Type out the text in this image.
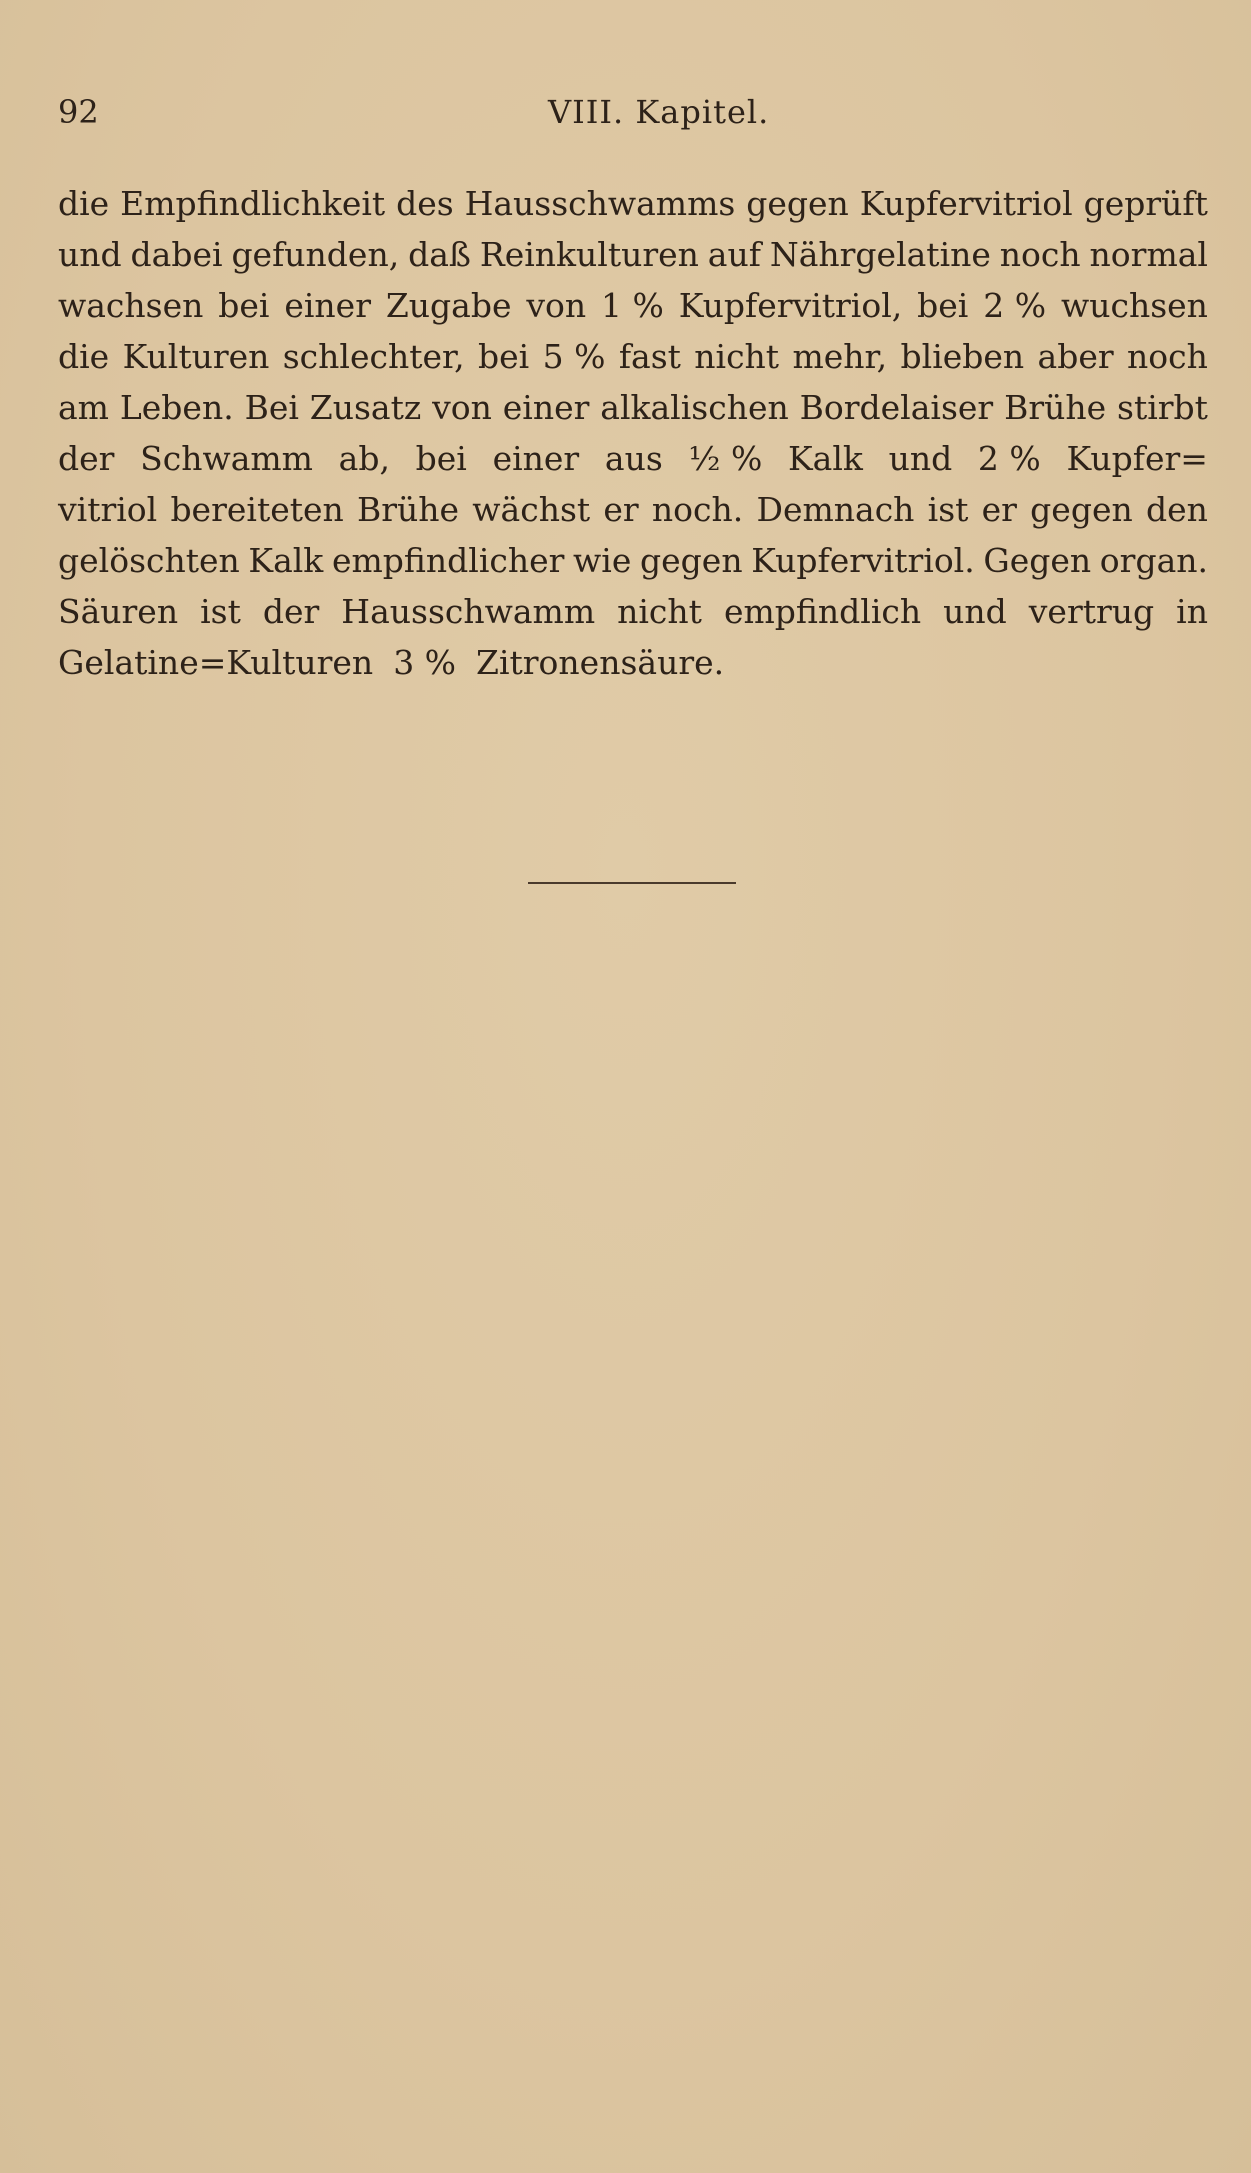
92	VIII. Kapitel.
die Empfindlichkeit des Hausschwamms gegen Kupfervitriol geprüft
und dabei gefunden, daß Reinkulturen auf Nährgelatine noch normal
wachsen bei einer Zugabe von 1 % Kupfervitriol, bei 2 % wuchsen
die Kulturen schlechter, bei 5 % fast nicht mehr, blieben aber noch
am Leben. Bei Zusatz von einer alkalischen Bordelaiser Brühe stirbt
der Schwamm ab, bei einer aus ½ % Kalk und 2 % Kupfer=
vitriol bereiteten Brühe wächst er noch. Demnach ist er gegen den
gelöschten Kalk empfindlicher wie gegen Kupfervitriol. Gegen organ.
Säuren ist der Hausschwamm nicht empfindlich und vertrug in
Gelatine=Kulturen 3 % Zitronensäure.
